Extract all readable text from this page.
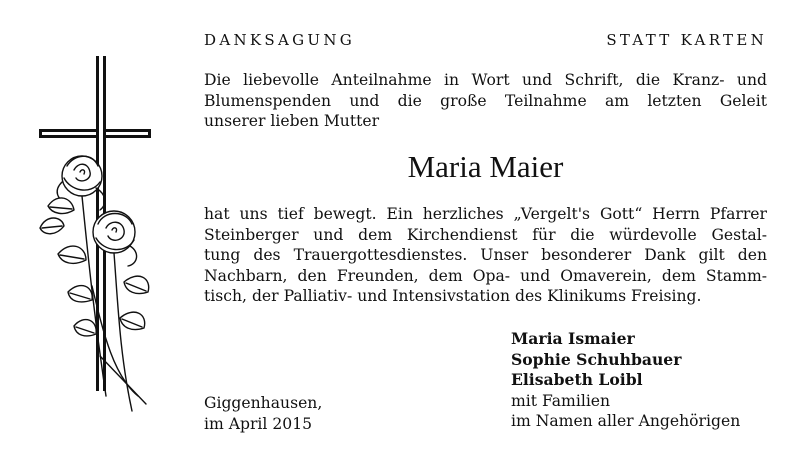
DANKSAGUNG	STATT KARTEN
Die liebevolle Anteilnahme in Wort und Schrift, die Kranz- und
Blumenspenden und die große Teilnahme am letzten Geleit
unserer lieben Mutter
Maria Maier
hat uns tief bewegt. Ein herzliches „Vergelt's Gott“ Herrn Pfarrer
Steinberger und dem Kirchendienst für die würdevolle Gestal-
tung des Trauergottesdienstes. Unser besonderer Dank gilt den
Nachbarn, den Freunden, dem Opa- und Omaverein, dem Stamm-
tisch, der Palliativ- und Intensivstation des Klinikums Freising.
Maria Ismaier
Sophie Schuhbauer
Elisabeth Loibl
mit Familien
im Namen aller Angehörigen
Giggenhausen,
im April 2015
